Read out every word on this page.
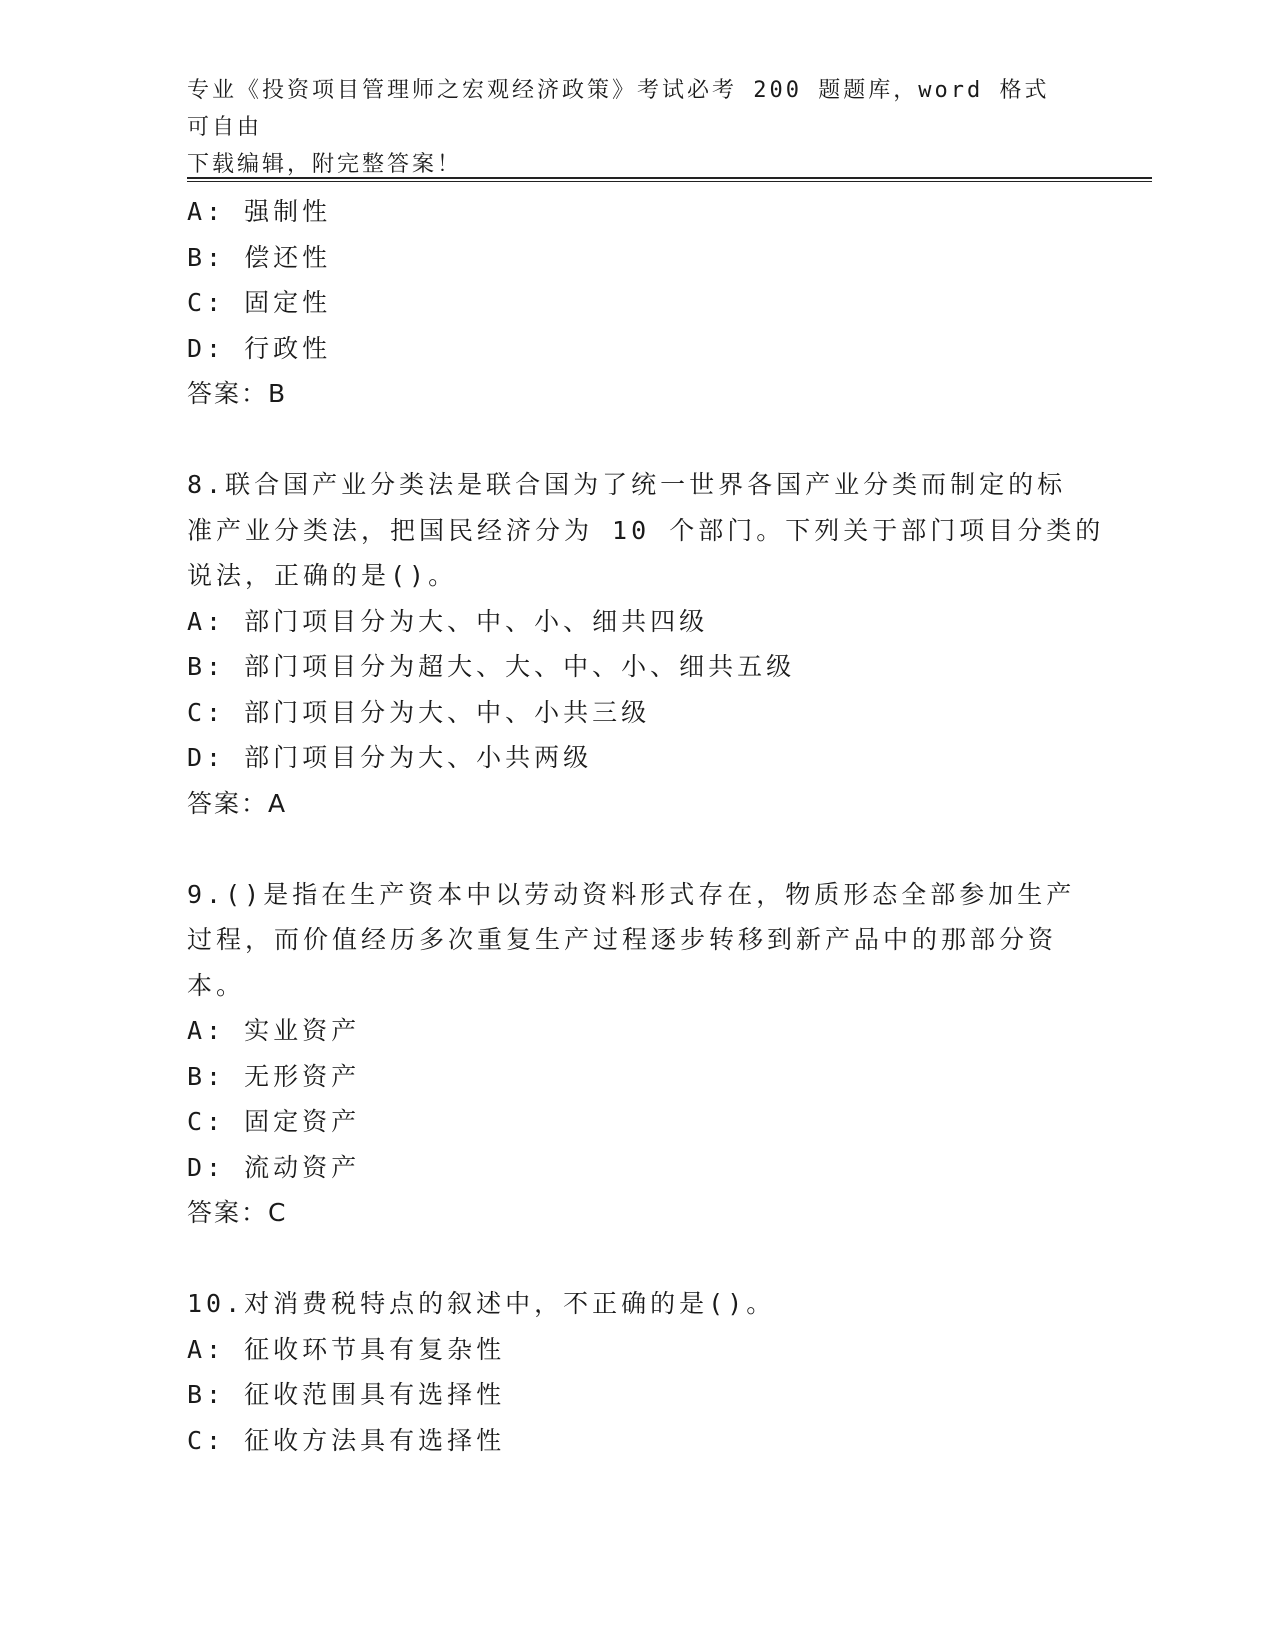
专业《投资项目管理师之宏观经济政策》考试必考 200 题题库，word 格式可自由
下载编辑，附完整答案！
A: 强制性
B: 偿还性
C: 固定性
D: 行政性
答案：B
8.联合国产业分类法是联合国为了统一世界各国产业分类而制定的标
准产业分类法，把国民经济分为 10 个部门。下列关于部门项目分类的
说法，正确的是()。
A: 部门项目分为大、中、小、细共四级
B: 部门项目分为超大、大、中、小、细共五级
C: 部门项目分为大、中、小共三级
D: 部门项目分为大、小共两级
答案：A
9.()是指在生产资本中以劳动资料形式存在，物质形态全部参加生产
过程，而价值经历多次重复生产过程逐步转移到新产品中的那部分资
本。
A: 实业资产
B: 无形资产
C: 固定资产
D: 流动资产
答案：C
10.对消费税特点的叙述中，不正确的是()。
A: 征收环节具有复杂性
B: 征收范围具有选择性
C: 征收方法具有选择性
